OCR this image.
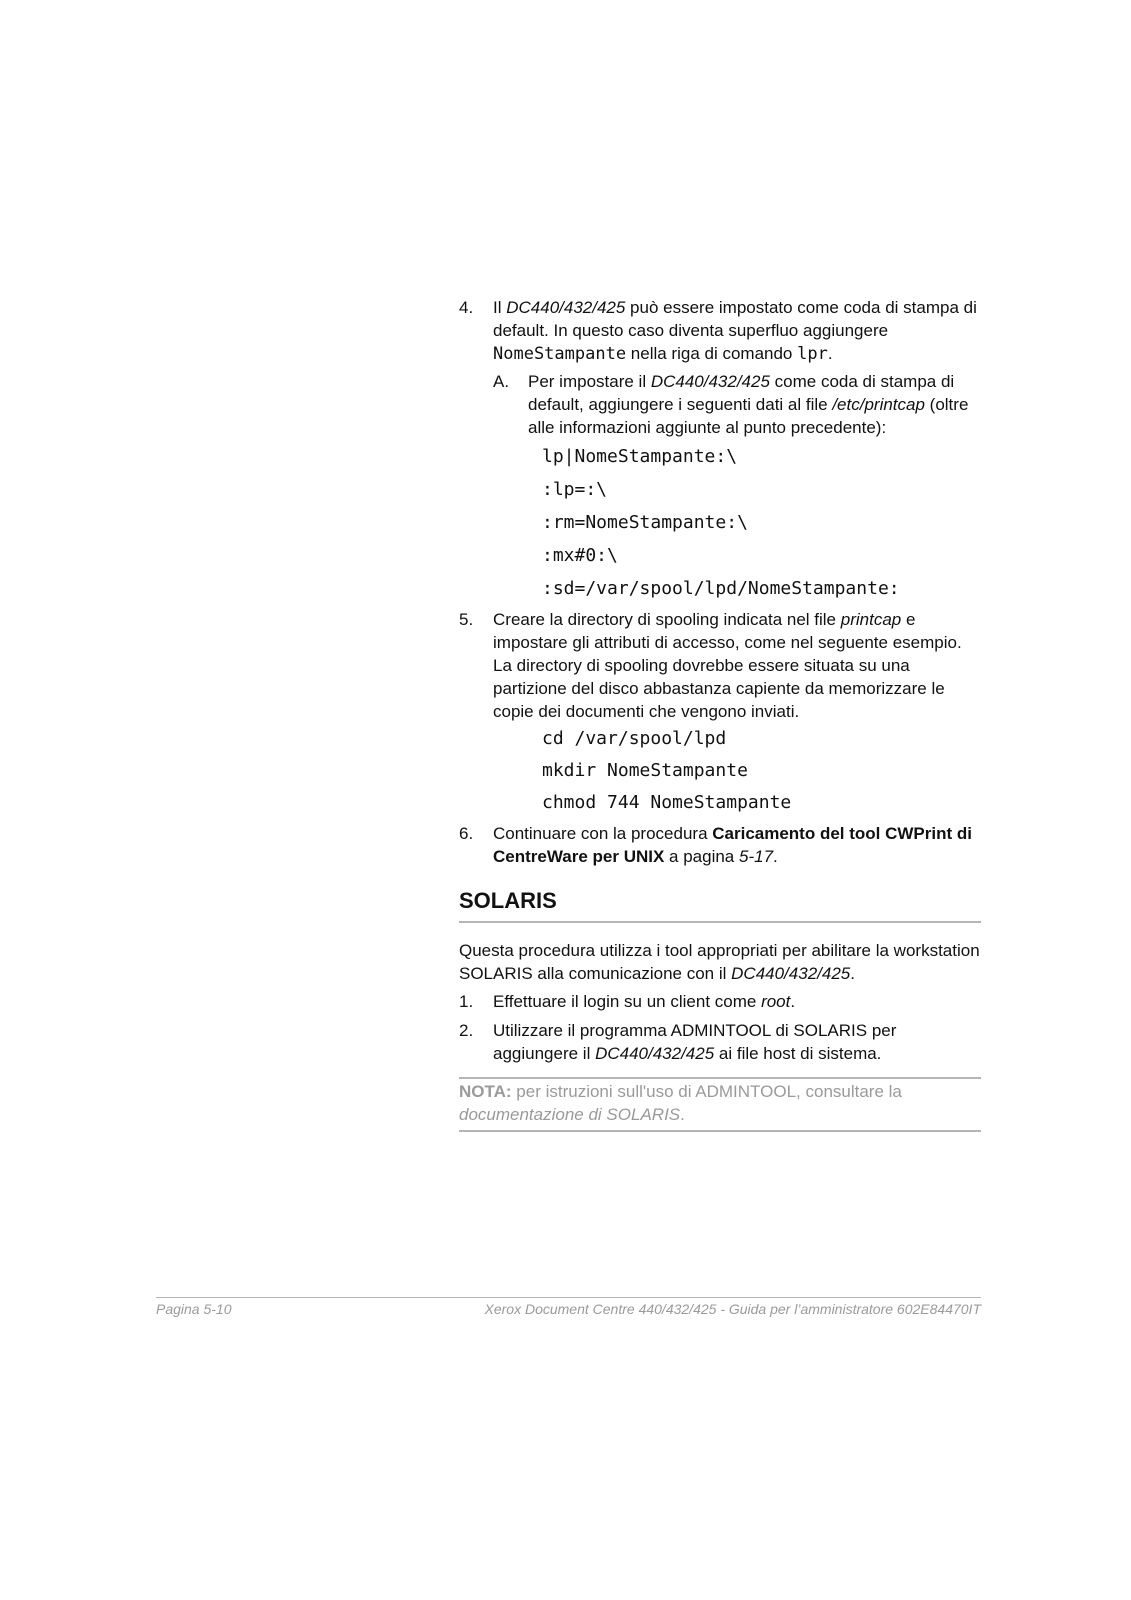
4. Il DC440/432/425 può essere impostato come coda di stampa di default. In questo caso diventa superfluo aggiungere NomeStampante nella riga di comando lpr.
A. Per impostare il DC440/432/425 come coda di stampa di default, aggiungere i seguenti dati al file /etc/printcap (oltre alle informazioni aggiunte al punto precedente):
lp|NomeStampante:\
:lp=:\
:rm=NomeStampante:\
:mx#0:\
:sd=/var/spool/lpd/NomeStampante:
5. Creare la directory di spooling indicata nel file printcap e impostare gli attributi di accesso, come nel seguente esempio. La directory di spooling dovrebbe essere situata su una partizione del disco abbastanza capiente da memorizzare le copie dei documenti che vengono inviati.
cd /var/spool/lpd
mkdir NomeStampante
chmod 744 NomeStampante
6. Continuare con la procedura Caricamento del tool CWPrint di CentreWare per UNIX a pagina 5-17.
SOLARIS
Questa procedura utilizza i tool appropriati per abilitare la workstation SOLARIS alla comunicazione con il DC440/432/425.
1. Effettuare il login su un client come root.
2. Utilizzare il programma ADMINTOOL di SOLARIS per aggiungere il DC440/432/425 ai file host di sistema.
NOTA: per istruzioni sull'uso di ADMINTOOL, consultare la documentazione di SOLARIS.
Pagina 5-10	Xerox Document Centre 440/432/425 - Guida per l’amministratore 602E84470IT
